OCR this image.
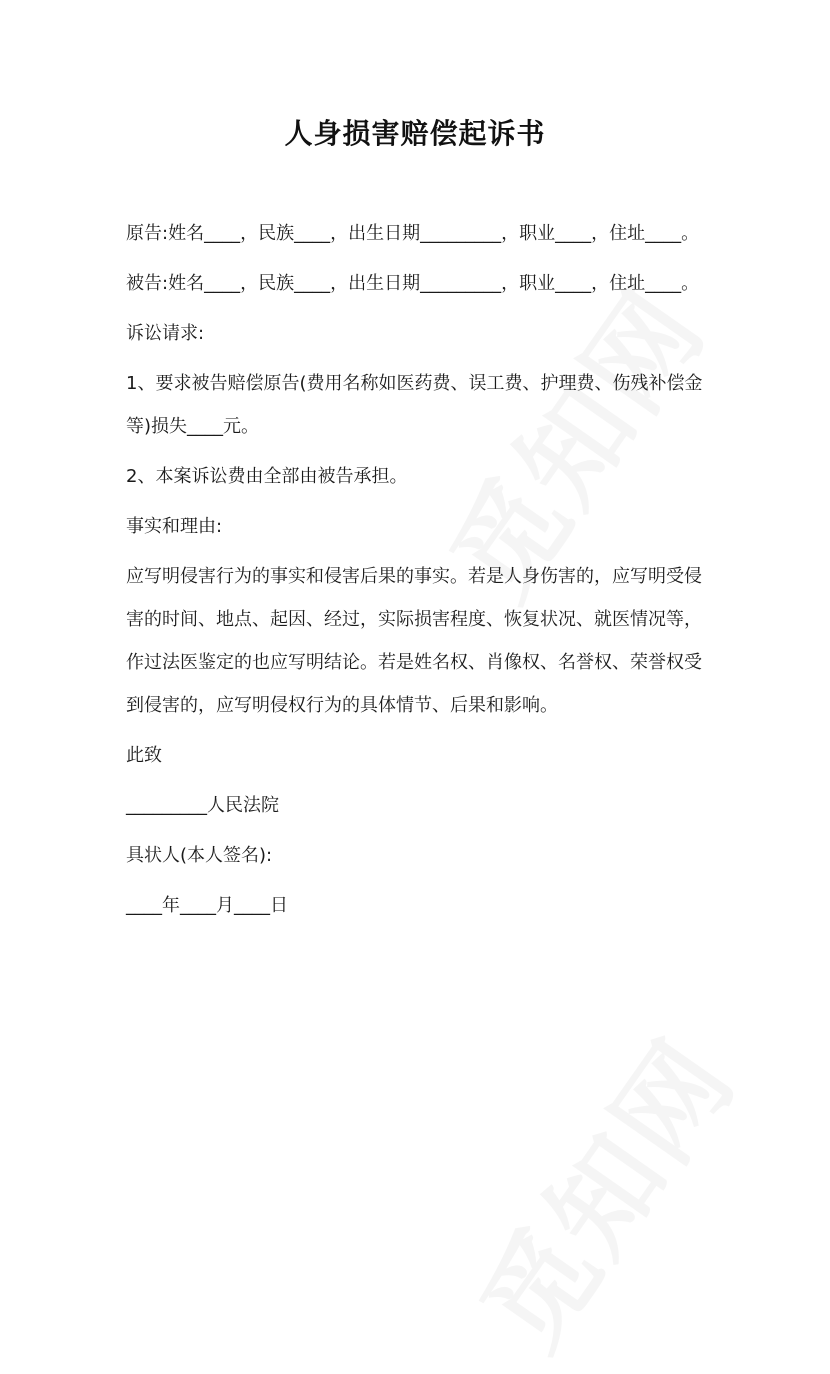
人身损害赔偿起诉书

原告:姓名____，民族____，出生日期_________，职业____，住址____。

被告:姓名____，民族____，出生日期_________，职业____，住址____。

诉讼请求:

1、要求被告赔偿原告(费用名称如医药费、误工费、护理费、伤残补偿金等)损失____元。

2、本案诉讼费由全部由被告承担。

事实和理由:

应写明侵害行为的事实和侵害后果的事实。若是人身伤害的，应写明受侵害的时间、地点、起因、经过，实际损害程度、恢复状况、就医情况等，作过法医鉴定的也应写明结论。若是姓名权、肖像权、名誉权、荣誉权受到侵害的，应写明侵权行为的具体情节、后果和影响。

此致

_________人民法院

具状人(本人签名):

____年____月____日
